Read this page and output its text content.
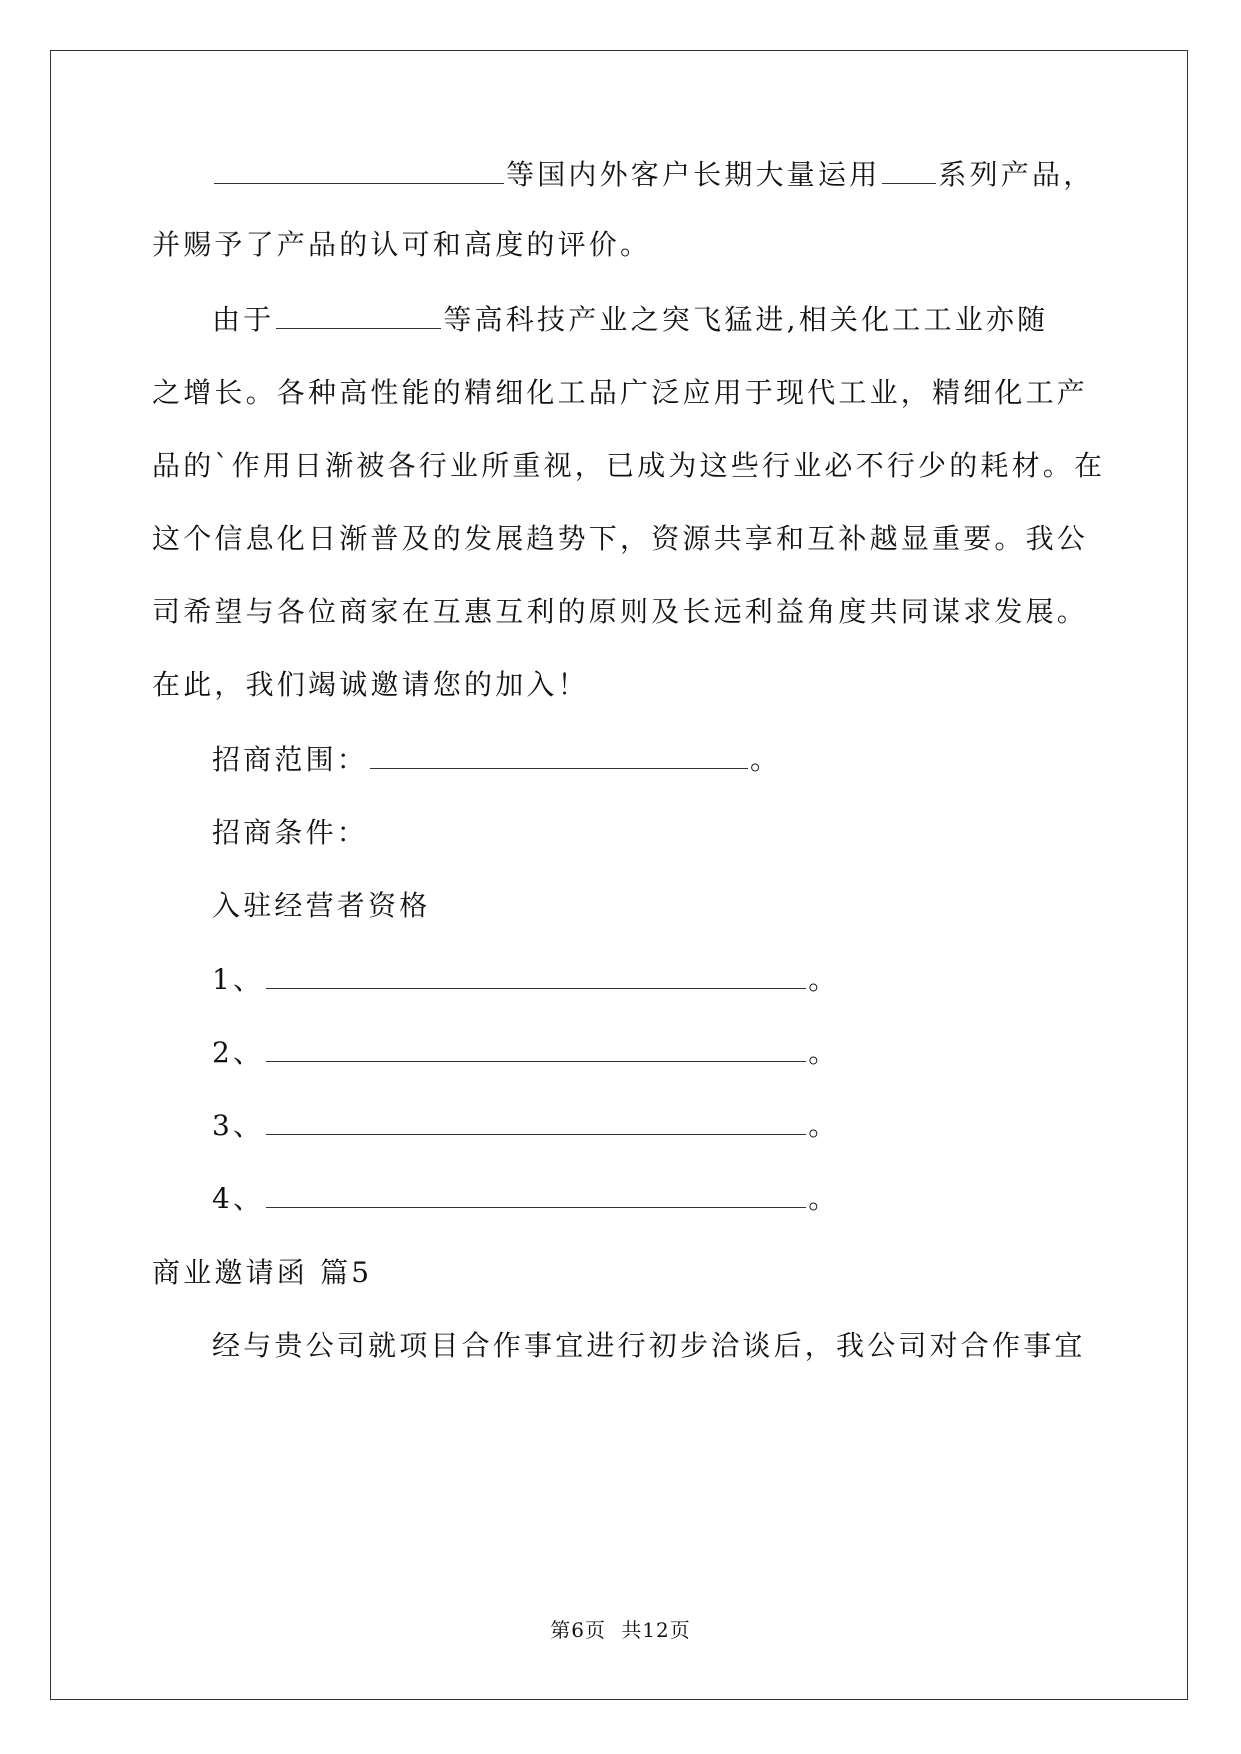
等国内外客户长期大量运用 系列产品，
并赐予了产品的认可和高度的评价。
由于	等高科技产业之突飞猛进,相关化工工业亦随
之增长。各种高性能的精细化工品广泛应用于现代工业，精细化工产
品的`作用日渐被各行业所重视，已成为这些行业必不行少的耗材。在
这个信息化日渐普及的发展趋势下，资源共享和互补越显重要。我公
司希望与各位商家在互惠互利的原则及长远利益角度共同谋求发展。
在此，我们竭诚邀请您的加入！
招商范围：	。
招商条件：
入驻经营者资格
1、	。
2、	。
3、	。
4、	。
商业邀请函 篇5
经与贵公司就项目合作事宜进行初步洽谈后，我公司对合作事宜
第6页 共12页
